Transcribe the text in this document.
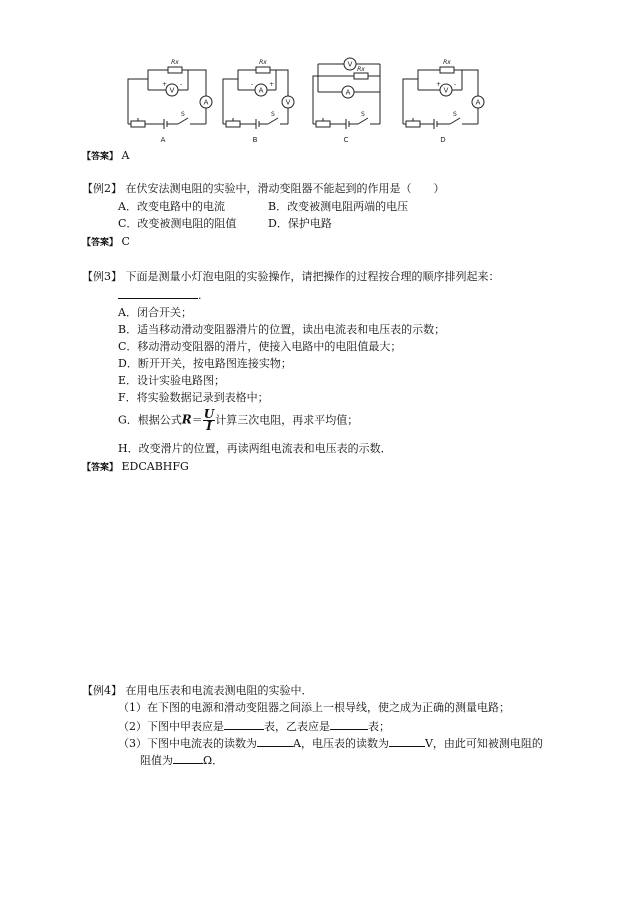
V
A
A
V
V
A	V
A
Rx	Rx
Rx
Rx
S	S	S	S
+ -	-	+	+ -
A	B	C	D
【答案】 A
【例2】 在伏安法测电阻的实验中，滑动变阻器不能起到的作用是（　　）
A．改变电路中的电流	B．改变被测电阻两端的电压
C．改变被测电阻的阻值	D．保护电路
【答案】 C
【例3】 下面是测量小灯泡电阻的实验操作，请把操作的过程按合理的顺序排列起来：
.
A．闭合开关；
B．适当移动滑动变阻器滑片的位置，读出电流表和电压表的示数；
C．移动滑动变阻器的滑片，使接入电路中的电阻值最大；
D．断开开关，按电路图连接实物；
E．设计实验电路图；
F．将实验数据记录到表格中；
G．根据公式$R= \frac{U}{I}$ 计算三次电阻，再求平均值；
H．改变滑片的位置，再读两组电流表和电压表的示数．
【答案】 EDCABHFG
【例4】 在用电压表和电流表测电阻的实验中．
（1）在下图的电源和滑动变阻器之间添上一根导线，使之成为正确的测量电路；
（2）下图中甲表应是	表，乙表应是	表；
（3）下图中电流表的读数为	A，电压表的读数为	V，由此可知被测电阻的
阻值为	Ω．
